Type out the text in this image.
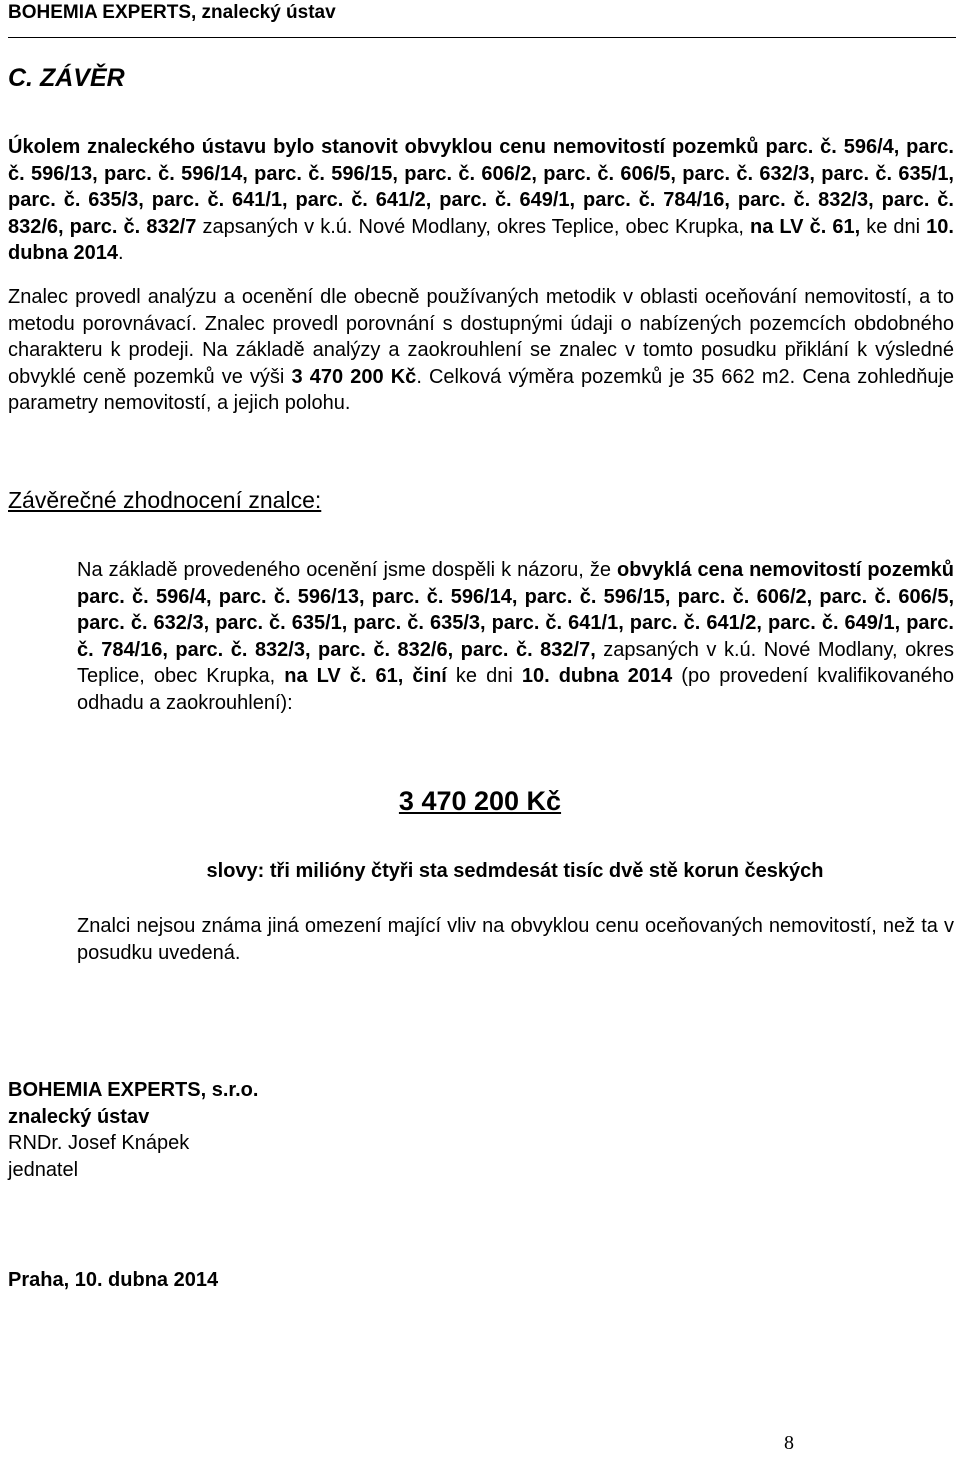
BOHEMIA EXPERTS, znalecký ústav
C. ZÁVĚR
Úkolem znaleckého ústavu bylo stanovit obvyklou cenu nemovitostí pozemků parc. č. 596/4, parc. č. 596/13, parc. č. 596/14, parc. č. 596/15, parc. č. 606/2, parc. č. 606/5, parc. č. 632/3, parc. č. 635/1, parc. č. 635/3, parc. č. 641/1, parc. č. 641/2, parc. č. 649/1, parc. č. 784/16, parc. č. 832/3, parc. č. 832/6, parc. č. 832/7 zapsaných v k.ú. Nové Modlany, okres Teplice, obec Krupka, na LV č. 61, ke dni 10. dubna 2014.
Znalec provedl analýzu a ocenění dle obecně používaných metodik v oblasti oceňování nemovitostí, a to metodu porovnávací. Znalec provedl porovnání s dostupnými údaji o nabízených pozemcích obdobného charakteru k prodeji. Na základě analýzy a zaokrouhlení se znalec v tomto posudku přiklání k výsledné obvyklé ceně pozemků ve výši 3 470 200 Kč. Celková výměra pozemků je 35 662 m2. Cena zohledňuje parametry nemovitostí, a jejich polohu.
Závěrečné zhodnocení znalce:
Na základě provedeného ocenění jsme dospěli k názoru, že obvyklá cena nemovitostí pozemků parc. č. 596/4, parc. č. 596/13, parc. č. 596/14, parc. č. 596/15, parc. č. 606/2, parc. č. 606/5, parc. č. 632/3, parc. č. 635/1, parc. č. 635/3, parc. č. 641/1, parc. č. 641/2, parc. č. 649/1, parc. č. 784/16, parc. č. 832/3, parc. č. 832/6, parc. č. 832/7, zapsaných v k.ú. Nové Modlany, okres Teplice, obec Krupka, na LV č. 61, činí ke dni 10. dubna 2014 (po provedení kvalifikovaného odhadu a zaokrouhlení):
3 470 200 Kč
slovy: tři milióny čtyři sta sedmdesát tisíc dvě stě korun českých
Znalci nejsou známa jiná omezení mající vliv na obvyklou cenu oceňovaných nemovitostí, než ta v posudku uvedená.
BOHEMIA EXPERTS, s.r.o.
znalecký ústav
RNDr. Josef Knápek
jednatel
Praha, 10. dubna 2014
8
